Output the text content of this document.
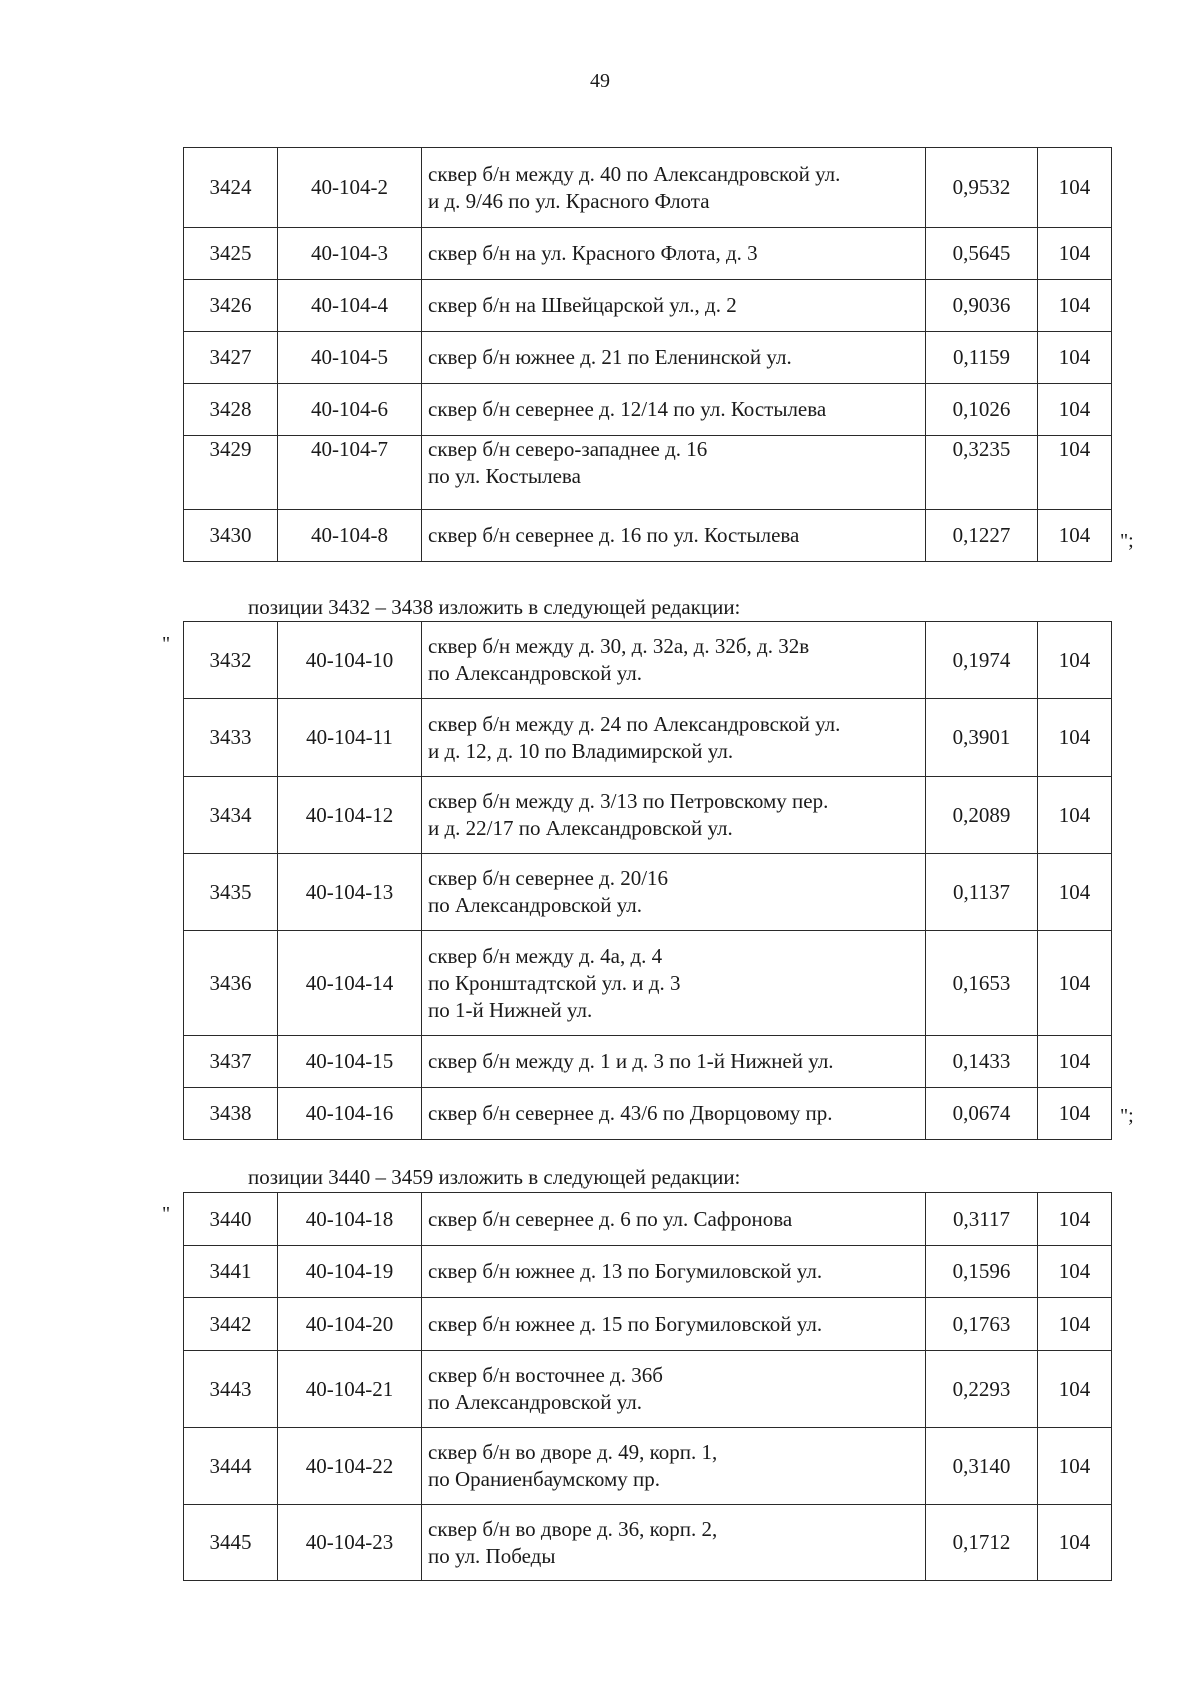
49
3424	40-104-2	сквер б/н между д. 40 по Александровской ул.
и д. 9/46 по ул. Красного Флота	0,9532	104
3425	40-104-3	сквер б/н на ул. Красного Флота, д. 3	0,5645	104
3426	40-104-4	сквер б/н на Швейцарской ул., д. 2	0,9036	104
3427	40-104-5	сквер б/н южнее д. 21 по Еленинской ул.	0,1159	104
3428	40-104-6	сквер б/н севернее д. 12/14 по ул. Костылева	0,1026	104
3429	40-104-7	сквер б/н северо-западнее д. 16
по ул. Костылева	0,3235	104
3430	40-104-8	сквер б/н севернее д. 16 по ул. Костылева	0,1227	104 ";
позиции 3432 – 3438 изложить в следующей редакции:
"
3432	40-104-10	сквер б/н между д. 30, д. 32а, д. 32б, д. 32в
по Александровской ул.	0,1974	104
3433	40-104-11	сквер б/н между д. 24 по Александровской ул.
и д. 12, д. 10 по Владимирской ул.	0,3901	104
3434	40-104-12	сквер б/н между д. 3/13 по Петровскому пер.
и д. 22/17 по Александровской ул.	0,2089	104
3435	40-104-13	сквер б/н севернее д. 20/16
по Александровской ул.	0,1137	104
3436	40-104-14	сквер б/н между д. 4а, д. 4
по Кронштадтской ул. и д. 3
по 1-й Нижней ул.	0,1653	104
3437	40-104-15	сквер б/н между д. 1 и д. 3 по 1-й Нижней ул.	0,1433	104
3438	40-104-16	сквер б/н севернее д. 43/6 по Дворцовому пр.	0,0674	104 ";
позиции 3440 – 3459 изложить в следующей редакции:
" 3440	40-104-18	сквер б/н севернее д. 6 по ул. Сафронова	0,3117	104
3441	40-104-19	сквер б/н южнее д. 13 по Богумиловской ул.	0,1596	104
3442	40-104-20	сквер б/н южнее д. 15 по Богумиловской ул.	0,1763	104
3443	40-104-21	сквер б/н восточнее д. 36б
по Александровской ул.	0,2293	104
3444	40-104-22	сквер б/н во дворе д. 49, корп. 1,
по Ораниенбаумскому пр.	0,3140	104
3445	40-104-23	сквер б/н во дворе д. 36, корп. 2,
по ул. Победы	0,1712	104
